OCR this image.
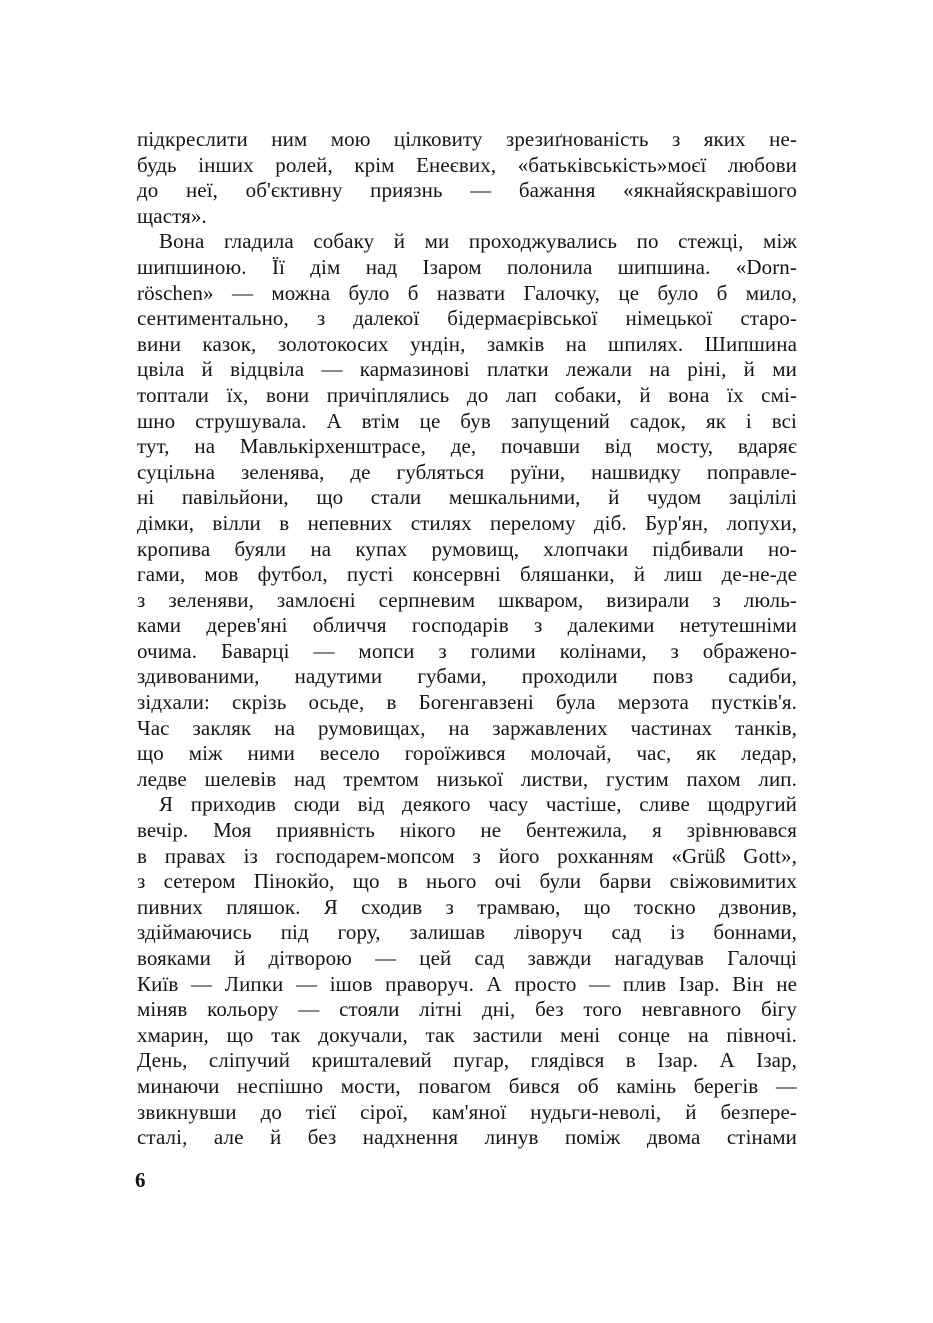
підкреслити ним мою цілковиту зрезиґнованість з яких не-
будь інших ролей, крім Енеєвих, «батьківськість»моєї любови
до неї, об'єктивну приязнь — бажання «якнайяскравішого
щастя».

Вона гладила собаку й ми проходжувались по стежці, між
шипшиною. Її дім над Ізаром полонила шипшина. «Dorn-
röschen» — можна було б назвати Галочку, це було б мило,
сентиментально, з далекої бідермаєрівської німецької старо-
вини казок, золотокосих ундін, замків на шпилях. Шипшина
цвіла й відцвіла — кармазинові платки лежали на ріні, й ми
топтали їх, вони причіплялись до лап собаки, й вона їх смі-
шно струшувала. А втім це був запущений садок, як і всі
тут, на Мавлькірхенштрасе, де, почавши від мосту, вдаряє
суцільна зеленява, де губляться руїни, нашвидку поправле-
ні павільйони, що стали мешкальними, й чудом зацілілі
дімки, вілли в непевних стилях перелому діб. Бур'ян, лопухи,
кропива буяли на купах румовищ, хлопчаки підбивали но-
гами, мов футбол, пусті консервні бляшанки, й лиш де-не-де
з зеленяви, замлоєні серпневим шкваром, визирали з люль-
ками дерев'яні обличчя господарів з далекими нетутешніми
очима. Баварці — мопси з голими колінами, з ображено-
здивованими, надутими губами, проходили повз садиби,
зідхали: скрізь осьде, в Богенгавзені була мерзота пустків'я.
Час закляк на румовищах, на заржавлених частинах танків,
що між ними весело гороїжився молочай, час, як ледар,
ледве шелевів над тремтом низької листви, густим пахом лип.

Я приходив сюди від деякого часу частіше, сливе щодругий
вечір. Моя приявність нікого не бентежила, я зрівнювався
в правах із господарем-мопсом з його рохканням «Grüß Gott»,
з сетером Пінокйо, що в нього очі були барви свіжовимитих
пивних пляшок. Я сходив з трамваю, що тоскно дзвонив,
здіймаючись під гору, залишав ліворуч сад із боннами,
вояками й дітворою — цей сад завжди нагадував Галочці
Київ — Липки — ішов праворуч. А просто — плив Ізар. Він не
міняв кольору — стояли літні дні, без того невгавного бігу
хмарин, що так докучали, так застили мені сонце на півночі.
День, сліпучий кришталевий пугар, глядівся в Ізар. А Ізар,
минаючи неспішно мости, повагом бився об камінь берегів —
звикнувши до тієї сірої, кам'яної нудьги-неволі, й безпере-
сталі, але й без надхнення линув поміж двома стінами

6
